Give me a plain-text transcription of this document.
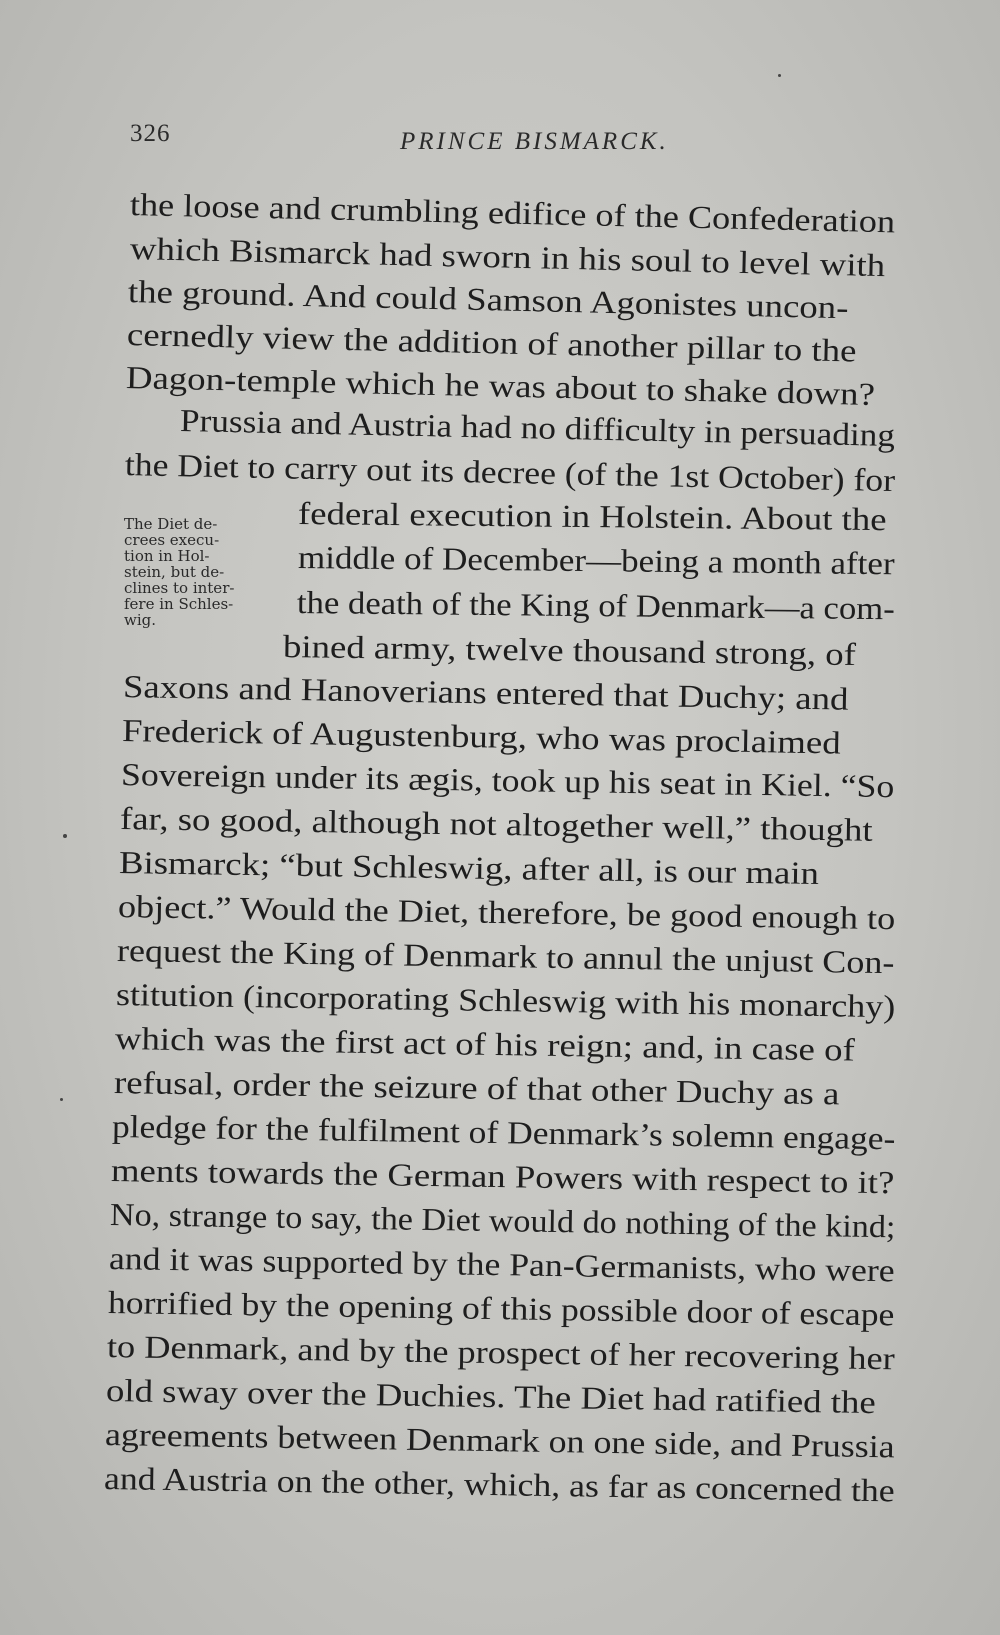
326	PRINCE BISMARCK.
The Diet de-
crees execu-
tion in Hol-
stein, but de-
clines to inter-
fere in Schles-
wig.
the loose and crumbling edifice of the Confederation
which Bismarck had sworn in his soul to level with
the ground. And could Samson Agonistes uncon-
cernedly view the addition of another pillar to the
Dagon-temple which he was about to shake down?
Prussia and Austria had no difficulty in persuading
the Diet to carry out its decree (of the 1st October) for
federal execution in Holstein. About the
middle of December—being a month after
the death of the King of Denmark—a com-
bined army, twelve thousand strong, of
Saxons and Hanoverians entered that Duchy; and
Frederick of Augustenburg, who was proclaimed
Sovereign under its ægis, took up his seat in Kiel. “So
far, so good, although not altogether well,” thought
Bismarck; “but Schleswig, after all, is our main
object.” Would the Diet, therefore, be good enough to
request the King of Denmark to annul the unjust Con-
stitution (incorporating Schleswig with his monarchy)
which was the first act of his reign; and, in case of
refusal, order the seizure of that other Duchy as a
pledge for the fulfilment of Denmark’s solemn engage-
ments towards the German Powers with respect to it?
No, strange to say, the Diet would do nothing of the kind;
and it was supported by the Pan-Germanists, who were
horrified by the opening of this possible door of escape
to Denmark, and by the prospect of her recovering her
old sway over the Duchies. The Diet had ratified the
agreements between Denmark on one side, and Prussia
and Austria on the other, which, as far as concerned the
